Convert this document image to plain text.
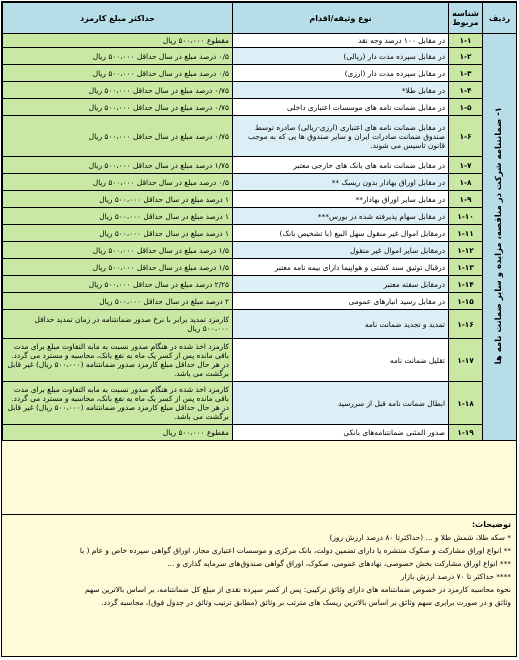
ردیف	شناسه مربوط	نوع وثیقه/اقدام	حداکثر مبلغ کارمزد
۱- ضمانتنامه شرکت در مناقصه، مزایده و سایر ضمانت نامه ها	۱-۱	در مقابل ۱۰۰ درصد وجه نقد	مقطوع ۵۰۰،۰۰۰ ریال
	۱-۲	در مقابل سپرده مدت دار (ریالی)	۰/۵ درصد مبلغ در سال حداقل ۵۰۰،۰۰۰ ریال
	۱-۳	در مقابل سپرده مدت دار (ارزی)	۰/۵ درصد مبلغ در سال حداقل ۵۰۰،۰۰۰ ریال
	۱-۴	در مقابل طلا*	۰/۷۵ درصد مبلغ در سال حداقل ۵۰۰،۰۰۰ ریال
	۱-۵	در مقابل ضمانت نامه های موسسات اعتباری داخلی	۰/۷۵ درصد مبلغ در سال حداقل ۵۰۰،۰۰۰ ریال
	۱-۶	در مقابل ضمانت نامه های اعتباری (ارزی-ریالی) صادره توسط صندوق ضمانت صادرات ایران و سایر صندوق ها یی که به موجب قانون تاسیس می شوند.	۰/۷۵ درصد مبلغ در سال حداقل ۵۰۰،۰۰۰ ریال
	۱-۷	در مقابل ضمانت نامه های بانک های خارجی معتبر	۱/۷۵ درصد مبلغ در سال حداقل ۵۰۰،۰۰۰ ریال
	۱-۸	در مقابل اوراق بهادار بدون ریسک **	۰/۵ درصد مبلغ در سال حداقل ۵۰۰،۰۰۰ ریال
	۱-۹	در مقابل سایر اوراق بهادار**	۱ درصد مبلغ در سال حداقل ۵۰۰،۰۰۰ ریال
	۱-۱۰	در مقابل سهام پذیرفته شده در بورس***	۱ درصد مبلغ در سال حداقل ۵۰۰،۰۰۰ ریال
	۱-۱۱	درمقابل اموال غیر منقول سهل البیع (با تشخیص بانک)	۱ درصد مبلغ در سال حداقل ۵۰۰،۰۰۰ ریال
	۱-۱۲	درمقابل سایر اموال غیر منقول	۱/۵ درصد مبلغ در سال حداقل ۵۰۰،۰۰۰ ریال
	۱-۱۳	درقبال توثیق سند کشتی و هواپیما دارای بیمه نامه معتبر	۱/۵ درصد مبلغ در سال حداقل ۵۰۰،۰۰۰ ریال
	۱-۱۴	درمقابل سفته معتبر	۲/۲۵ درصد مبلغ در سال حداقل ۵۰۰،۰۰۰ ریال
	۱-۱۵	در مقابل رسید انبارهای عمومی	۲ درصد مبلغ در سال حداقل ۵۰۰،۰۰۰ ریال
	۱-۱۶	تمدید و تجدید ضمانت نامه	کارمزد تمدید برابر با نرخ صدور ضمانتنامه در زمان تمدید حداقل ۵۰۰،۰۰۰ ریال
	۱-۱۷	تقلیل ضمانت نامه	کارمزد اخذ شده در هنگام صدور نسبت به مابه التفاوت مبلغ برای مدت باقی مانده پس از کسر یک ماه به نفع بانک، محاسبه و مسترد می گردد. در هر حال حداقل مبلغ کارمزد صدور ضمانتنامه (۵۰۰،۰۰۰ ریال) غیر قابل برگشت می باشد.
	۱-۱۸	ابطال ضمانت نامه قبل از سررسید	کارمزد اخذ شده در هنگام صدور نسبت به مابه التفاوت مبلغ برای مدت باقی مانده پس از کسر یک ماه به نفع بانک، محاسبه و مسترد می گردد. در هر حال حداقل مبلغ کارمزد صدور ضمانتنامه (۵۰۰،۰۰۰ ریال) غیر قابل برگشت می باشد.
	۱-۱۹	صدور المثنی ضمانتنامه‌های بانکی	مقطوع ۵۰۰،۰۰۰ ریال
توضیحات:
* سکه طلا، شمش طلا و ... (حداکثرتا ۸۰ درصد ارزش روز)
** انواع اوراق مشارکت و صکوک منتشره یا دارای تضمین دولت، بانک مرکزی و موسسات اعتباری مجاز، اوراق گواهی سپرده خاص و عام ( با
*** انواع اوراق مشارکت بخش خصوصی، نهادهای عمومی، صکوک، اوراق گواهی صندوق‌های سرمایه گذاری و ...
**** حداکثر تا ۷۰ درصد ارزش بازار
نحوه محاسبه کارمزد در خصوص ضمانتنامه های دارای وثائق ترکیبی: پس از کسر سپرده نقدی از مبلغ کل ضمانتنامه، بر اساس بالاترین سهم
وثائق و در صورت برابری سهم وثائق بر اساس بالاترین ریسک های مترتب بر وثائق (مطابق ترتیب وثائق در جدول فوق)، محاسبه گردد.
